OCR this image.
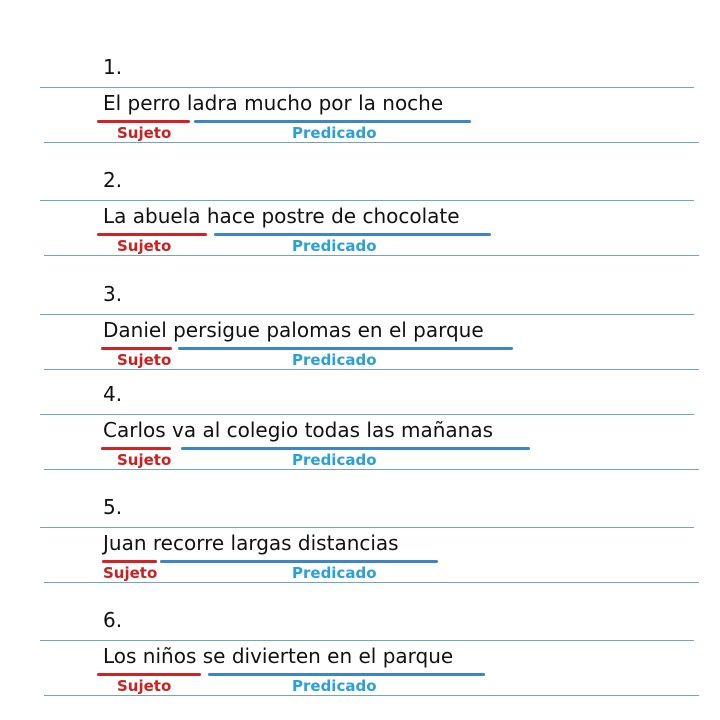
1.
El perro ladra mucho por la noche
Sujeto	Predicado
2.
La abuela hace postre de chocolate
Sujeto	Predicado
3.
Daniel persigue palomas en el parque
Sujeto	Predicado
4.
Carlos va al colegio todas las mañanas
Sujeto	Predicado
5.
Juan recorre largas distancias
Sujeto	Predicado
6.
Los niños se divierten en el parque
Sujeto	Predicado
